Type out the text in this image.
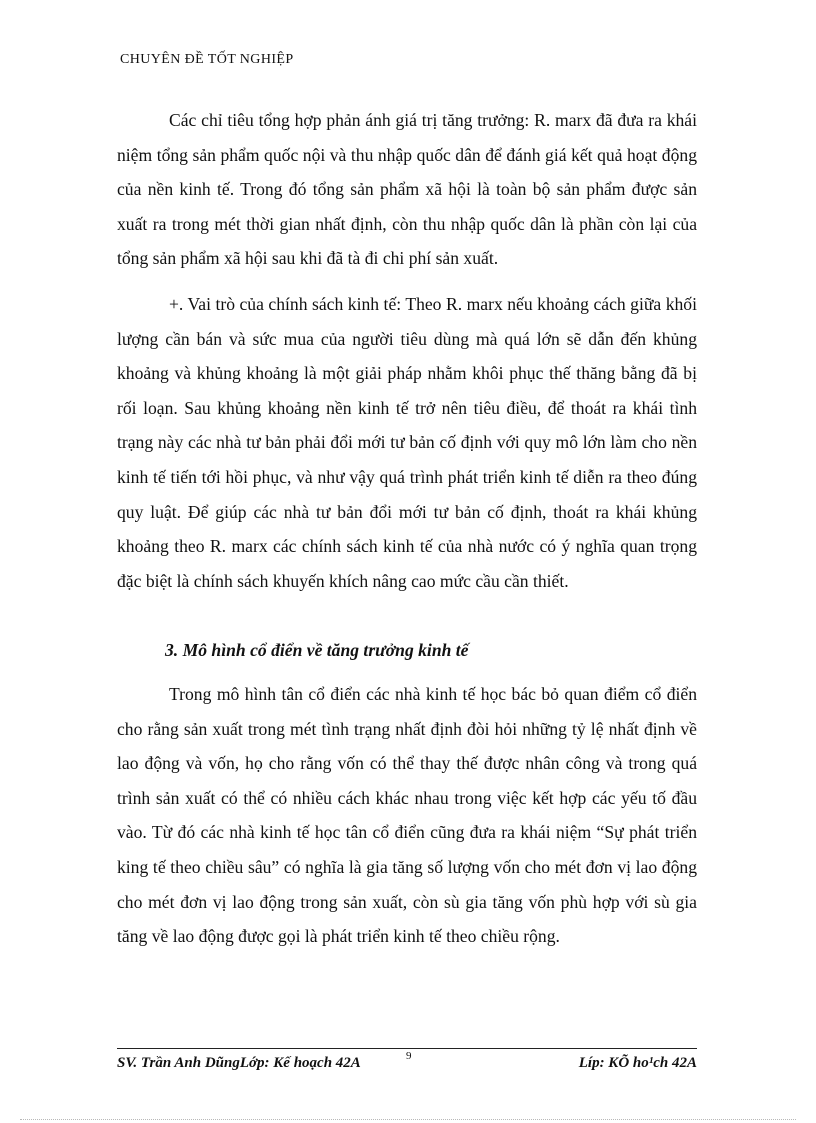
CHUYÊN ĐỀ TỐT NGHIỆP

Các chỉ tiêu tổng hợp phản ánh giá trị tăng trưởng: R. marx đã đưa ra khái niệm tổng sản phẩm quốc nội và thu nhập quốc dân để đánh giá kết quả hoạt động của nền kinh tế. Trong đó tổng sản phẩm xã hội là toàn bộ sản phẩm được sản xuất ra trong mét thời gian nhất định, còn thu nhập quốc dân là phần còn lại của tổng sản phẩm xã hội sau khi đã tà đi chi phí sản xuất.

+. Vai trò của chính sách kinh tế: Theo R. marx nếu khoảng cách giữa khối lượng cần bán và sức mua của người tiêu dùng mà quá lớn sẽ dẫn đến khủng khoảng và khủng khoảng là một giải pháp nhằm khôi phục thế thăng bằng đã bị rối loạn. Sau khủng khoảng nền kinh tế trở nên tiêu điều, để thoát ra khái tình trạng này các nhà tư bản phải đổi mới tư bản cố định với quy mô lớn làm cho nền kinh tế tiến tới hồi phục, và như vậy quá trình phát triển kinh tế diễn ra theo đúng quy luật. Để giúp các nhà tư bản đổi mới tư bản cố định, thoát ra khái khủng khoảng theo R. marx các chính sách kinh tế của nhà nước có ý nghĩa quan trọng đặc biệt là chính sách khuyến khích nâng cao mức cầu cần thiết.

3. Mô hình cổ điển về tăng trưởng kinh tế

Trong mô hình tân cổ điển các nhà kinh tế học bác bỏ quan điểm cổ điển cho rằng sản xuất trong mét tình trạng nhất định đòi hỏi những tỷ lệ nhất định về lao động và vốn, họ cho rằng vốn có thể thay thế được nhân công và trong quá trình sản xuất có thể có nhiều cách khác nhau trong việc kết hợp các yếu tố đầu vào. Từ đó các nhà kinh tế học tân cổ điển cũng đưa ra khái niệm “Sự phát triển king tế theo chiều sâu” có nghĩa là gia tăng số lượng vốn cho mét đơn vị lao động cho mét đơn vị lao động trong sản xuất, còn sù gia tăng vốn phù hợp với sù gia tăng về lao động được gọi là phát triển kinh tế theo chiều rộng.

SV. Trần Anh DũngLớp: Kế hoạch 42A	9	Líp: KÕ ho¹ch 42A
